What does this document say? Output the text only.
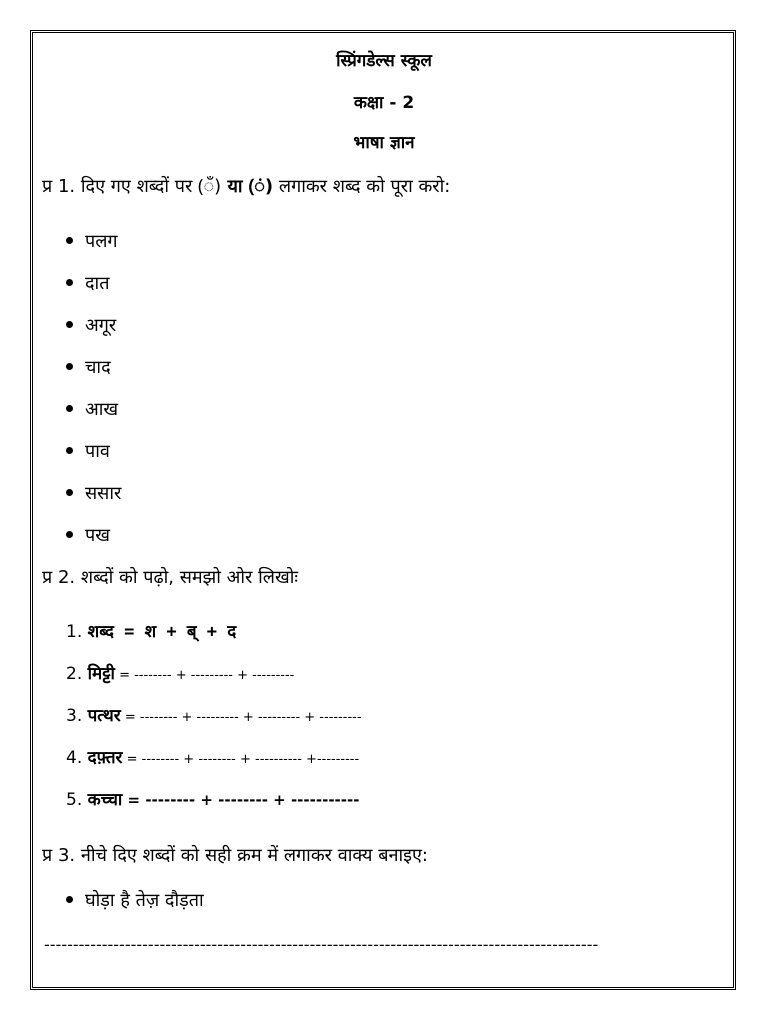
स्प्रिंगडेल्स स्कूल
कक्षा - 2
भाषा ज्ञान
प्र 1. दिए गए शब्दों पर (ँ) या (ं) लगाकर शब्द को पूरा करो:
पलग
दात
अगूर
चाद
आख
पाव
ससार
पख
प्र 2. शब्दों को पढ़ो, समझो ओर लिखोः
1. शब्द = श + ब् + द
2. मिट्टी = -------- + --------- + ---------
3. पत्थर = -------- + --------- + --------- + ---------
4. दफ़्तर = -------- + -------- + ---------- +---------
5. कच्चा = -------- + -------- + -----------
प्र 3. नीचे दिए शब्दों को सही क्रम में लगाकर वाक्य बनाइए:
घोड़ा है तेज़ दौड़ता
------------------------------------------------------------------------------------------------
